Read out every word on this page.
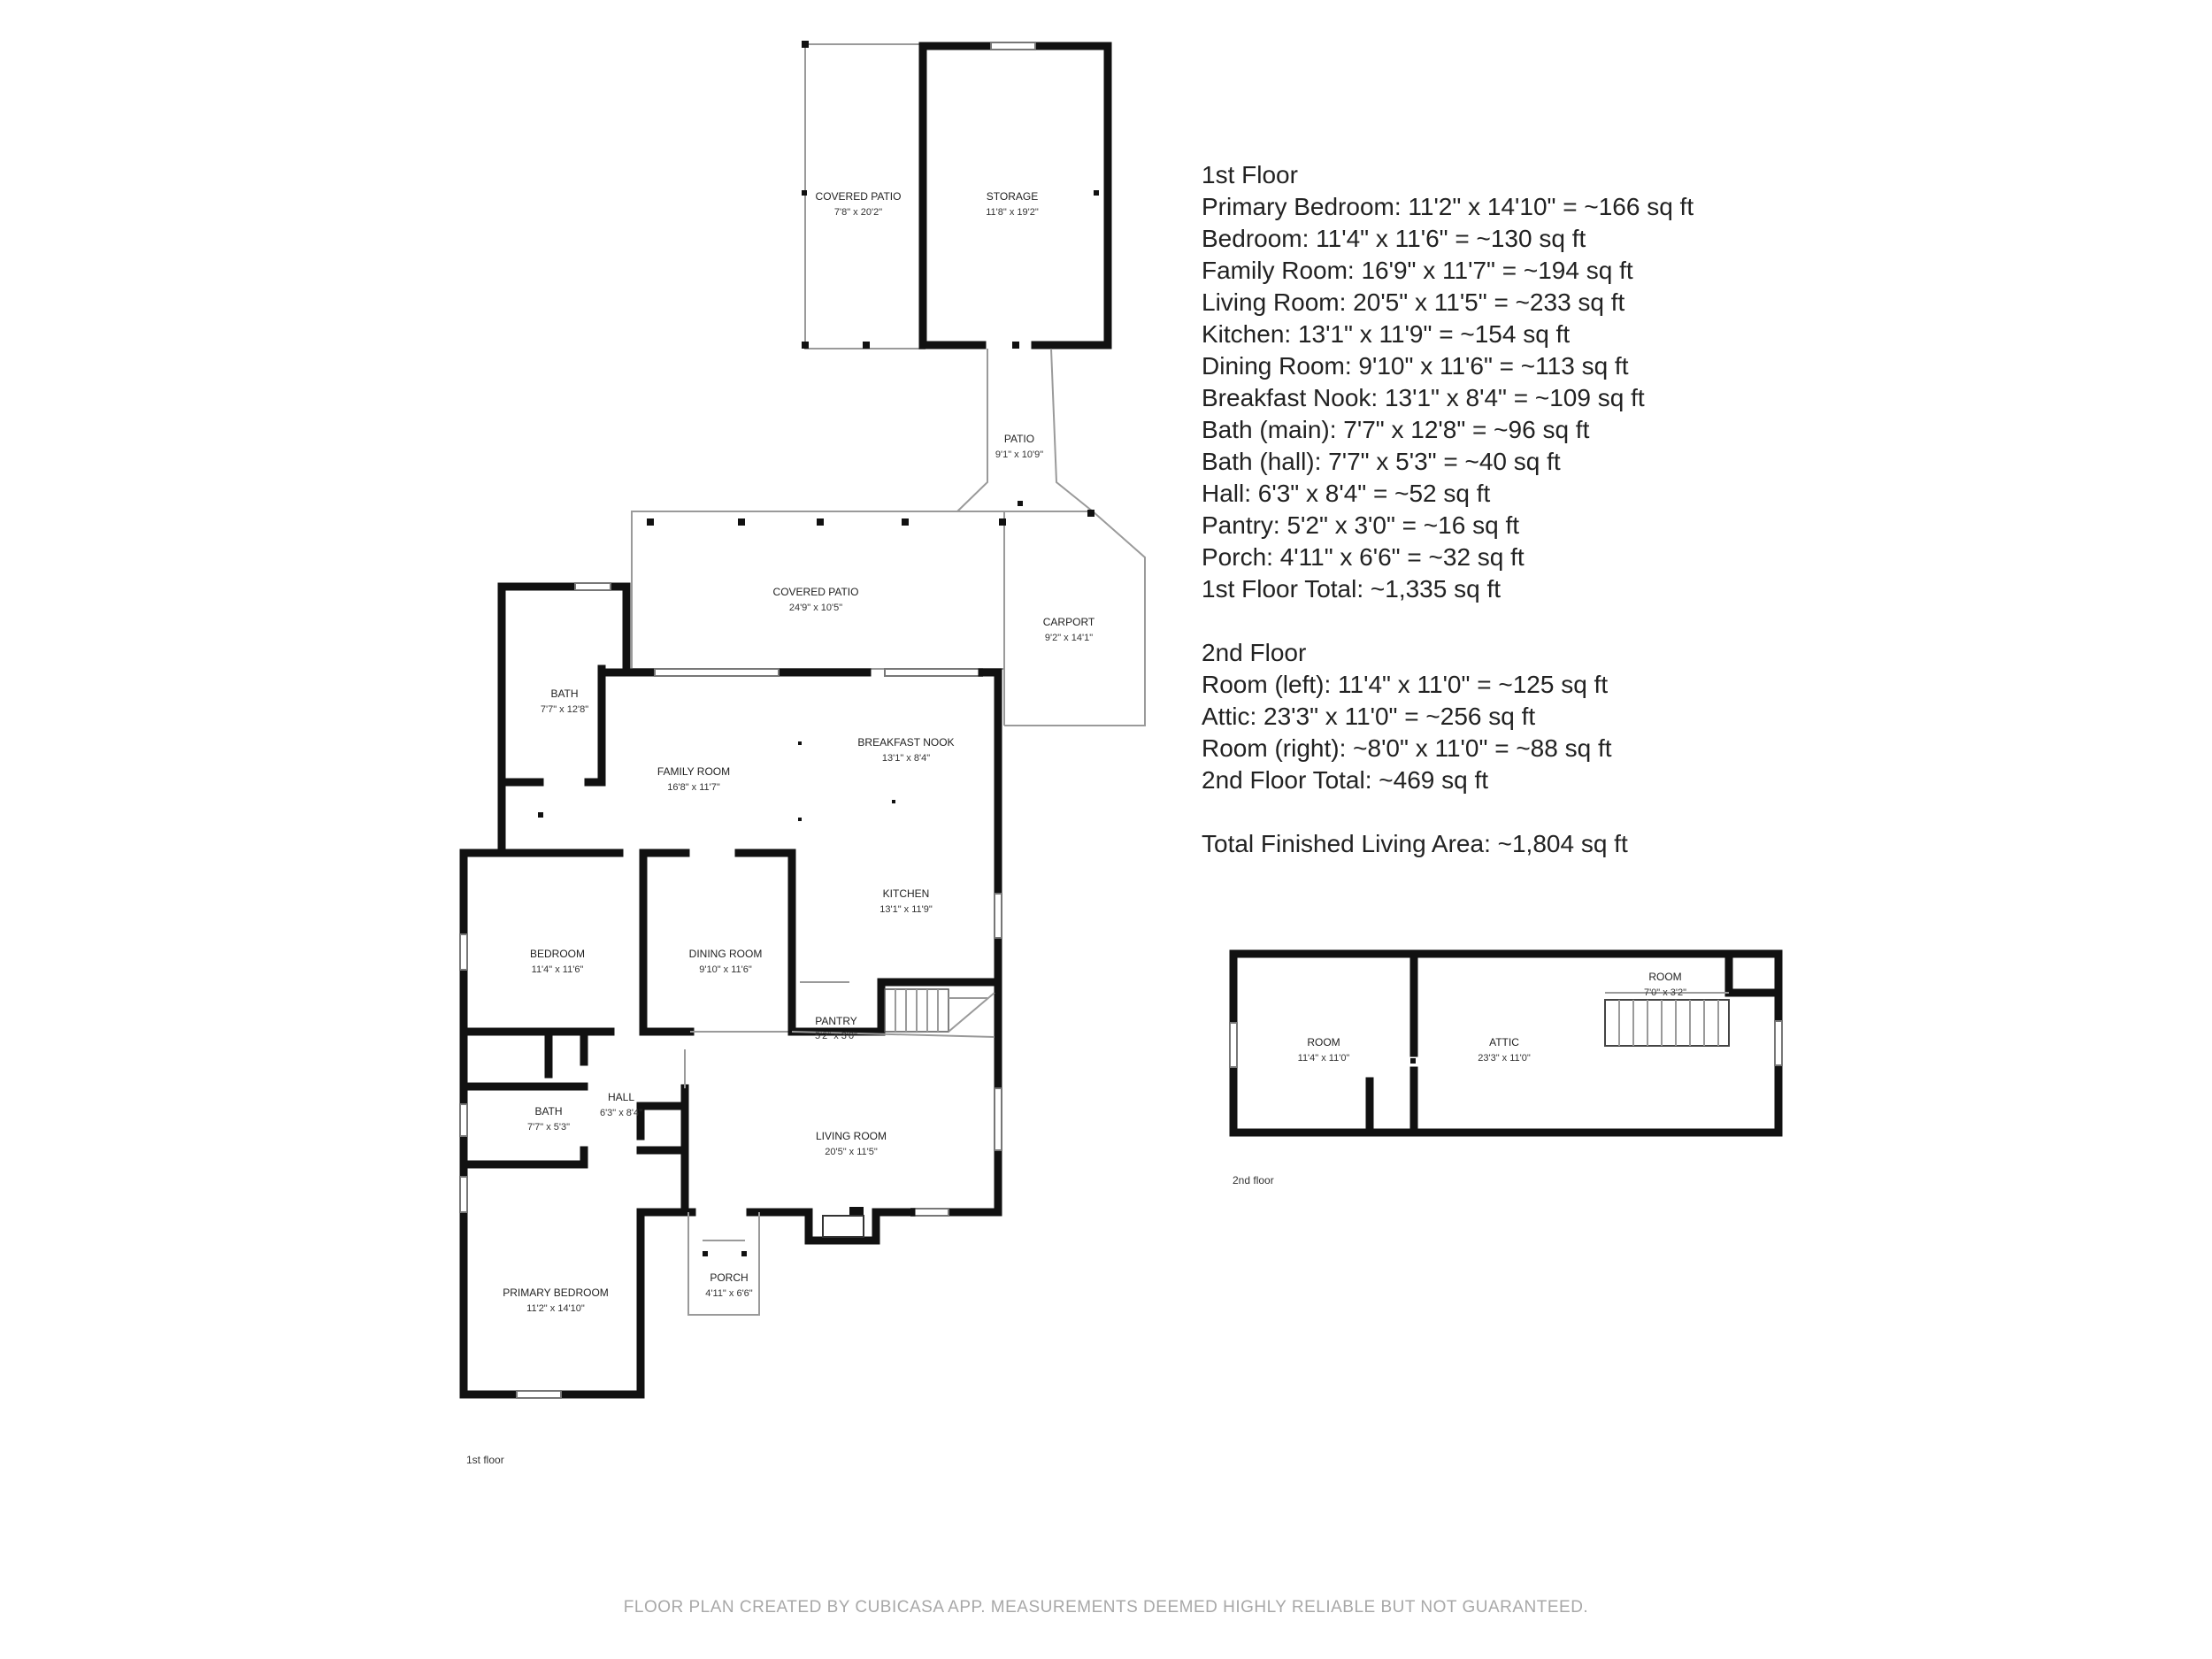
COVERED PATIO
7'8" x 20'2"
STORAGE
11'8" x 19'2"
PATIO
9'1" x 10'9"
COVERED PATIO
24'9" x 10'5"
CARPORT
9'2" x 14'1"
BATH
7'7" x 12'8"
FAMILY ROOM
16'8" x 11'7"
BREAKFAST NOOK
13'1" x 8'4"
KITCHEN
13'1" x 11'9"
BEDROOM
11'4" x 11'6"
DINING ROOM
9'10" x 11'6"
PANTRY
5'2" x 3'0"
HALL
6'3" x 8'4"
BATH
7'7" x 5'3"
LIVING ROOM
20'5" x 11'5"
PORCH
4'11" x 6'6"
PRIMARY BEDROOM
11'2" x 14'10"
1st floor
ROOM
11'4" x 11'0"
ATTIC
23'3" x 11'0"
ROOM
7'0" x 3'2"
2nd floor
1st Floor
Primary Bedroom: 11'2" x 14'10" = ~166 sq ft
Bedroom: 11'4" x 11'6" = ~130 sq ft
Family Room: 16'9" x 11'7" = ~194 sq ft
Living Room: 20'5" x 11'5" = ~233 sq ft
Kitchen: 13'1" x 11'9" = ~154 sq ft
Dining Room: 9'10" x 11'6" = ~113 sq ft
Breakfast Nook: 13'1" x 8'4" = ~109 sq ft
Bath (main): 7'7" x 12'8" = ~96 sq ft
Bath (hall): 7'7" x 5'3" = ~40 sq ft
Hall: 6'3" x 8'4" = ~52 sq ft
Pantry: 5'2" x 3'0" = ~16 sq ft
Porch: 4'11" x 6'6" = ~32 sq ft
1st Floor Total: ~1,335 sq ft
2nd Floor
Room (left): 11'4" x 11'0" = ~125 sq ft
Attic: 23'3" x 11'0" = ~256 sq ft
Room (right): ~8'0" x 11'0" = ~88 sq ft
2nd Floor Total: ~469 sq ft
Total Finished Living Area: ~1,804 sq ft
FLOOR PLAN CREATED BY CUBICASA APP. MEASUREMENTS DEEMED HIGHLY RELIABLE BUT NOT GUARANTEED.
